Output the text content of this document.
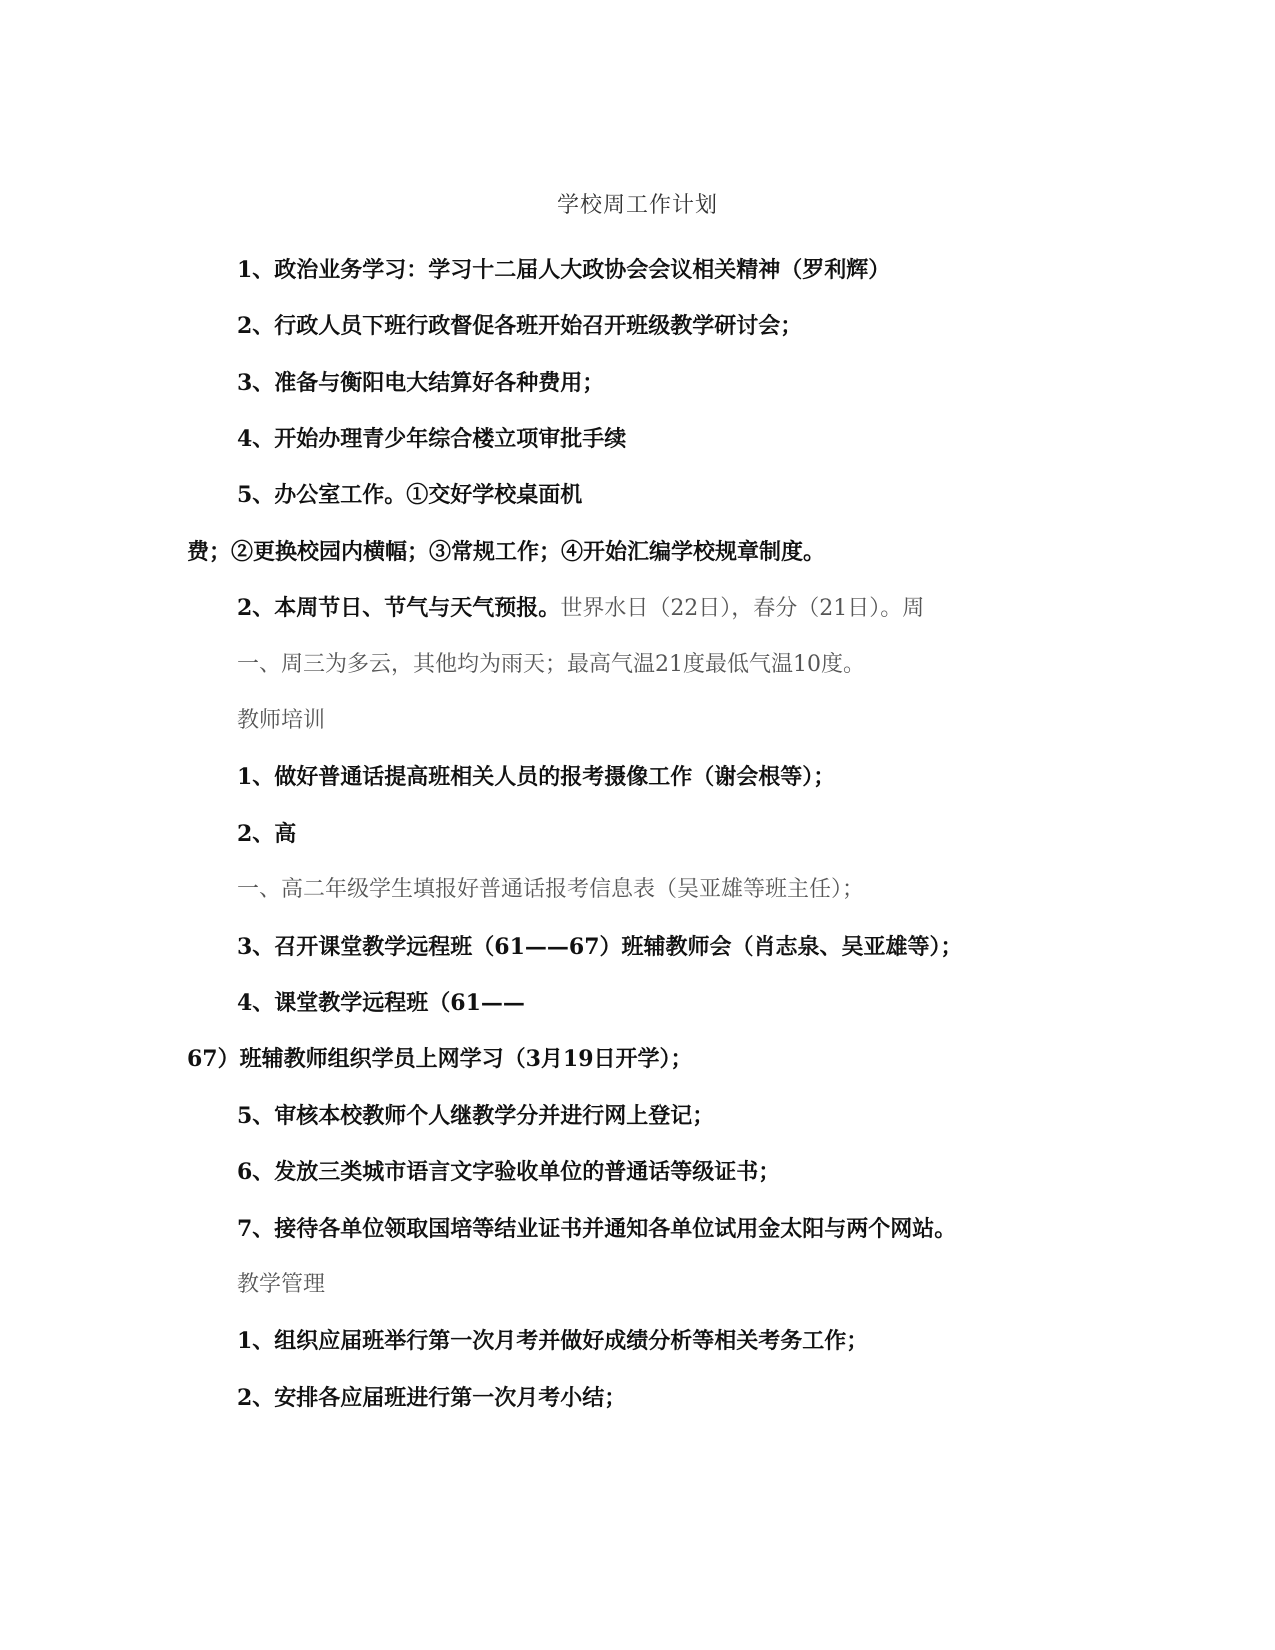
学校周工作计划
1、政治业务学习：学习十二届人大政协会会议相关精神（罗利辉）
2、行政人员下班行政督促各班开始召开班级教学研讨会；
3、准备与衡阳电大结算好各种费用；
4、开始办理青少年综合楼立项审批手续
5、办公室工作。①交好学校桌面机
费；②更换校园内横幅；③常规工作；④开始汇编学校规章制度。
2、本周节日、节气与天气预报。世界水日（22日），春分（21日）。周
一、周三为多云，其他均为雨天；最高气温21度最低气温10度。
教师培训
1、做好普通话提高班相关人员的报考摄像工作（谢会根等）；
2、高
一、高二年级学生填报好普通话报考信息表（吴亚雄等班主任）；
3、召开课堂教学远程班（61——67）班辅教师会（肖志泉、吴亚雄等）；
4、课堂教学远程班（61——
67）班辅教师组织学员上网学习（3月19日开学）；
5、审核本校教师个人继教学分并进行网上登记；
6、发放三类城市语言文字验收单位的普通话等级证书；
7、接待各单位领取国培等结业证书并通知各单位试用金太阳与两个网站。
教学管理
1、组织应届班举行第一次月考并做好成绩分析等相关考务工作；
2、安排各应届班进行第一次月考小结；
